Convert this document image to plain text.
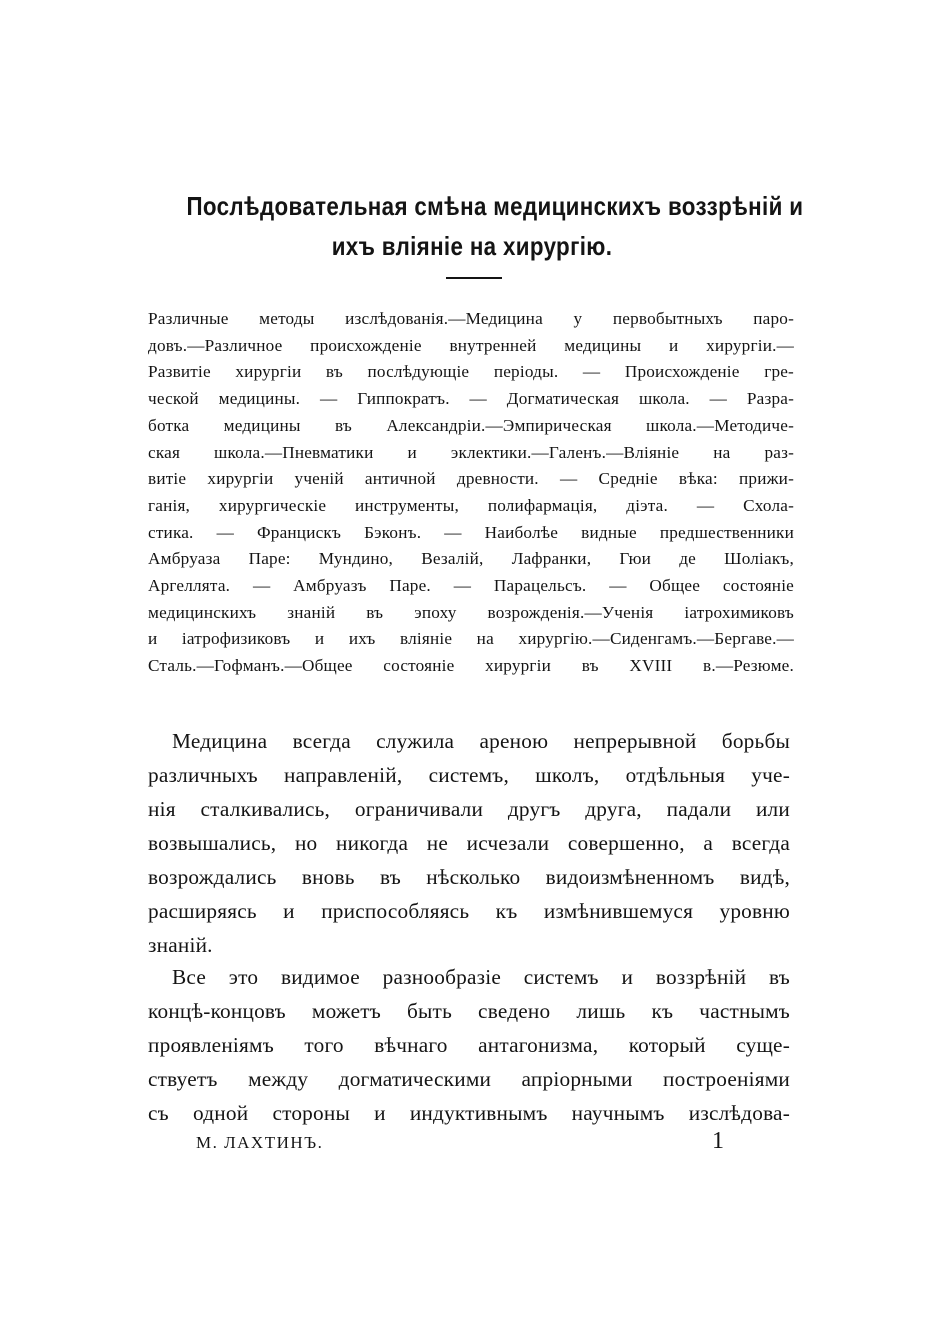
Послѣдовательная смѣна медицинскихъ воззрѣній и
ихъ вліяніе на хирургію.
Различные методы изслѣдованія.—Медицина у первобытныхъ паро-
довъ.—Различное происхожденіе внутренней медицины и хирургіи.—
Развитіе хирургіи въ послѣдующіе періоды. — Происхожденіе гре-
ческой медицины. — Гиппократъ. — Догматическая школа. — Разра-
ботка медицины въ Александріи.—Эмпирическая школа.—Методиче-
ская школа.—Пневматики и эклектики.—Галенъ.—Вліяніе на раз-
витіе хирургіи ученій античной древности. — Средніе вѣка: прижи-
ганія, хирургическіе инструменты, полифармація, діэта. — Схола-
стика. — Францискъ Бэконъ. — Наиболѣе видные предшественники
Амбруаза Паре: Мундино, Везалій, Лафранки, Гюи де Шоліакъ,
Аргеллята. — Амбруазъ Паре. — Парацельсъ. — Общее состояніе
медицинскихъ знаній въ эпоху возрожденія.—Ученія іатрохимиковъ
и іатрофизиковъ и ихъ вліяніе на хирургію.—Сиденгамъ.—Бергаве.—
Сталь.—Гофманъ.—Общее состояніе хирургіи въ XVIII в.—Резюме.
Медицина всегда служила ареною непрерывной борьбы
различныхъ направленій, системъ, школъ, отдѣльныя уче-
нія сталкивались, ограничивали другъ друга, падали или
возвышались, но никогда не исчезали совершенно, а всегда
возрождались вновь въ нѣсколько видоизмѣненномъ видѣ,
расширяясь и приспособляясь къ измѣнившемуся уровню
знаній.
Все это видимое разнообразіе системъ и воззрѣній въ
концѣ-концовъ можетъ быть сведено лишь къ частнымъ
проявленіямъ того вѣчнаго антагонизма, который суще-
ствуетъ между догматическими апріорными построеніями
съ одной стороны и индуктивнымъ научнымъ изслѣдова-
М. ЛАХТИНЪ.	1
